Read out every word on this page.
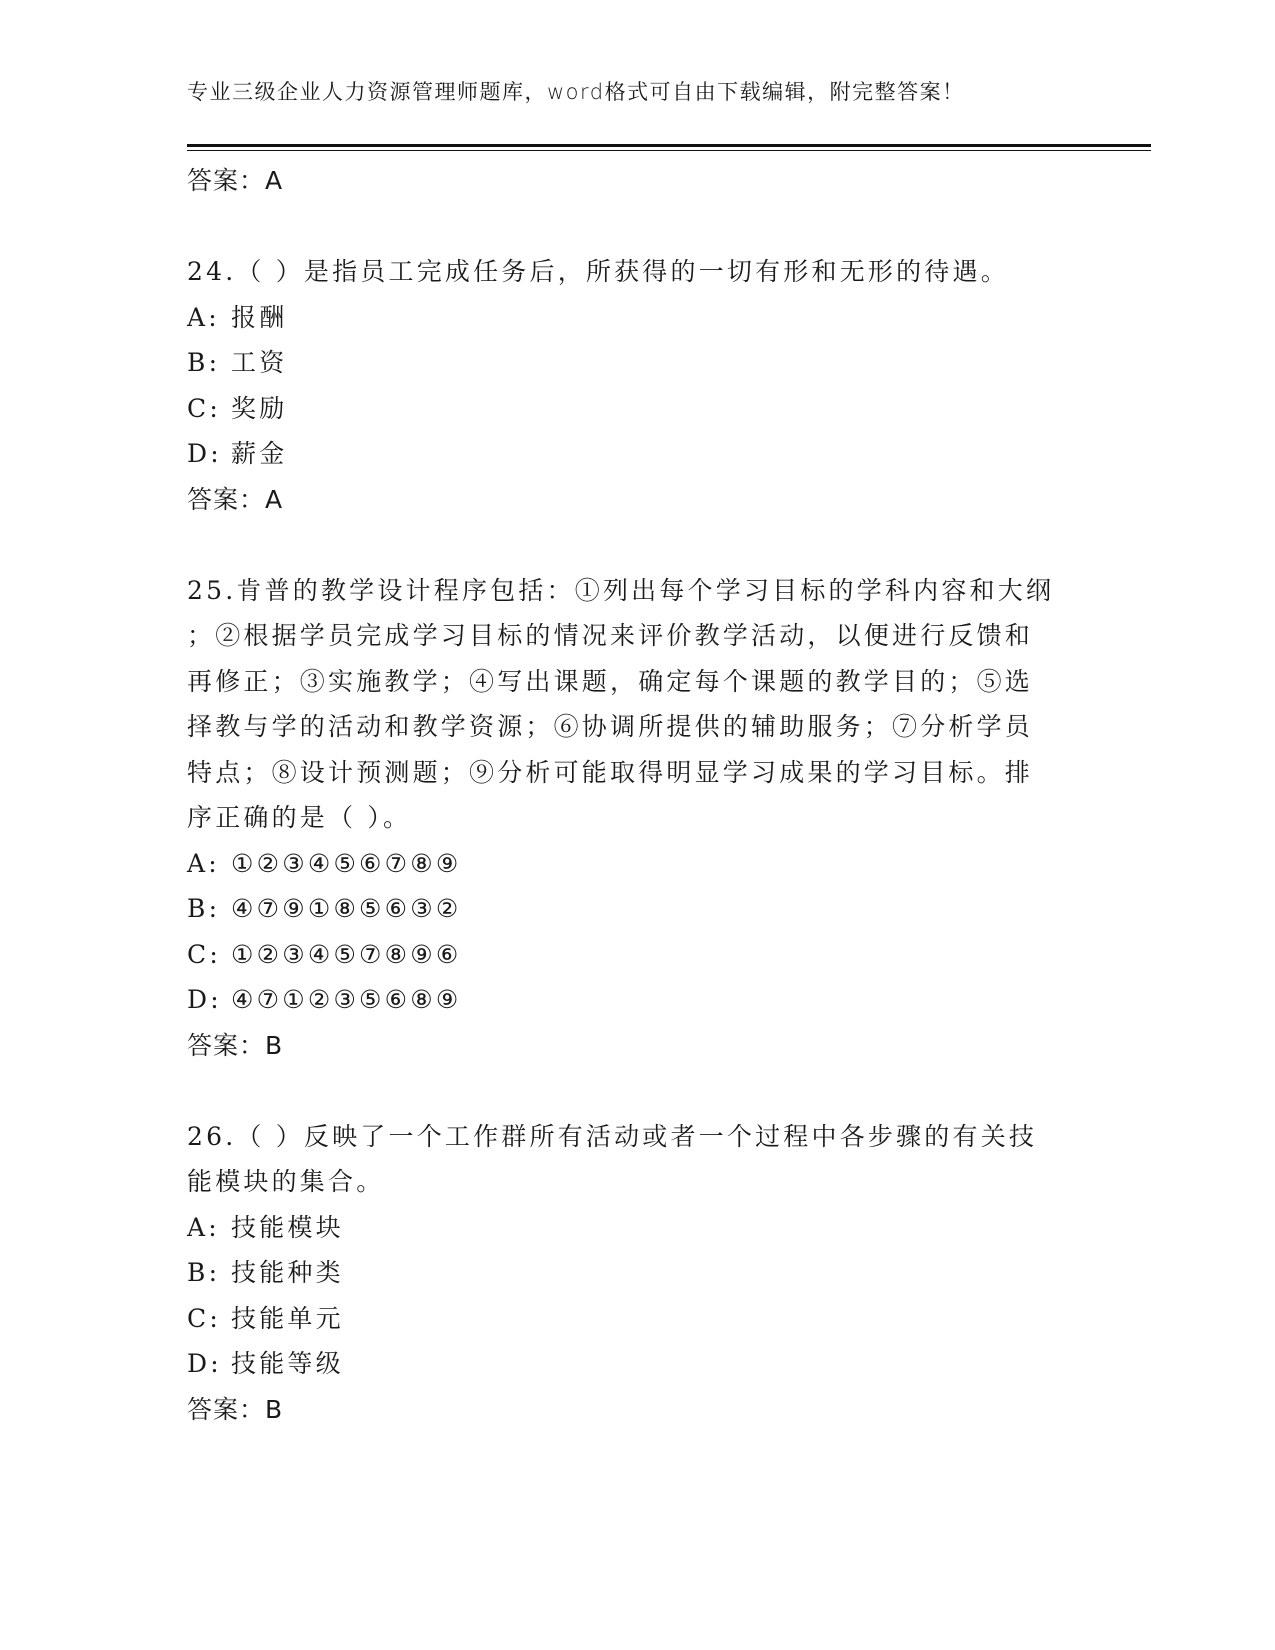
专业三级企业人力资源管理师题库，word格式可自由下载编辑，附完整答案！
答案：A
24.（ ）是指员工完成任务后，所获得的一切有形和无形的待遇。
A: 报酬
B: 工资
C: 奖励
D: 薪金
答案：A
25.肯普的教学设计程序包括：①列出每个学习目标的学科内容和大纲
；②根据学员完成学习目标的情况来评价教学活动，以便进行反馈和
再修正；③实施教学；④写出课题，确定每个课题的教学目的；⑤选
择教与学的活动和教学资源；⑥协调所提供的辅助服务；⑦分析学员
特点；⑧设计预测题；⑨分析可能取得明显学习成果的学习目标。排
序正确的是（ ）。
A: ①②③④⑤⑥⑦⑧⑨
B: ④⑦⑨①⑧⑤⑥③②
C: ①②③④⑤⑦⑧⑨⑥
D: ④⑦①②③⑤⑥⑧⑨
答案：B
26.（ ）反映了一个工作群所有活动或者一个过程中各步骤的有关技
能模块的集合。
A: 技能模块
B: 技能种类
C: 技能单元
D: 技能等级
答案：B
